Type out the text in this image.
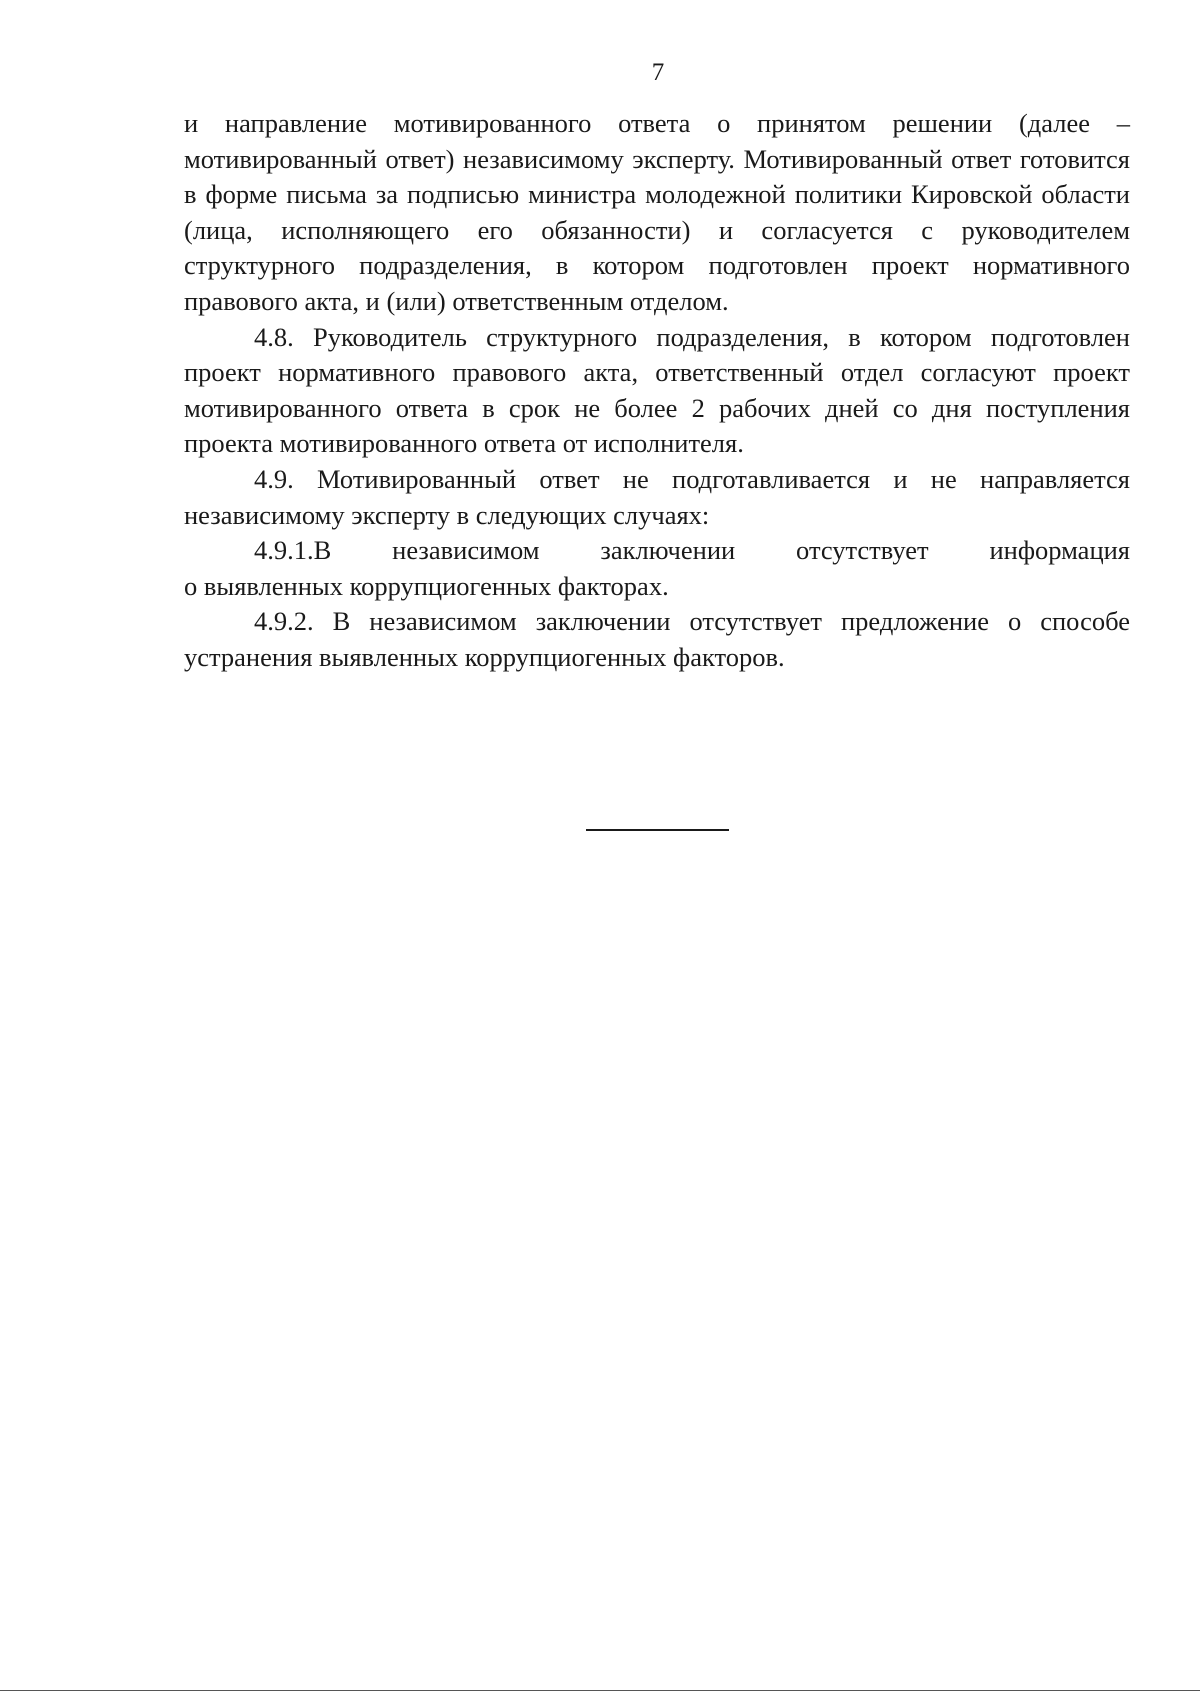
7

и направление мотивированного ответа о принятом решении (далее – мотивированный ответ) независимому эксперту. Мотивированный ответ готовится в форме письма за подписью министра молодежной политики Кировской области (лица, исполняющего его обязанности) и согласуется с руководителем структурного подразделения, в котором подготовлен проект нормативного правового акта, и (или) ответственным отделом.

4.8. Руководитель структурного подразделения, в котором подготовлен проект нормативного правового акта, ответственный отдел согласуют проект мотивированного ответа в срок не более 2 рабочих дней со дня поступления проекта мотивированного ответа от исполнителя.

4.9. Мотивированный ответ не подготавливается и не направляется независимому эксперту в следующих случаях:

4.9.1.В независимом заключении отсутствует информация

о выявленных коррупциогенных факторах.

4.9.2. В независимом заключении отсутствует предложение о способе устранения выявленных коррупциогенных факторов.
